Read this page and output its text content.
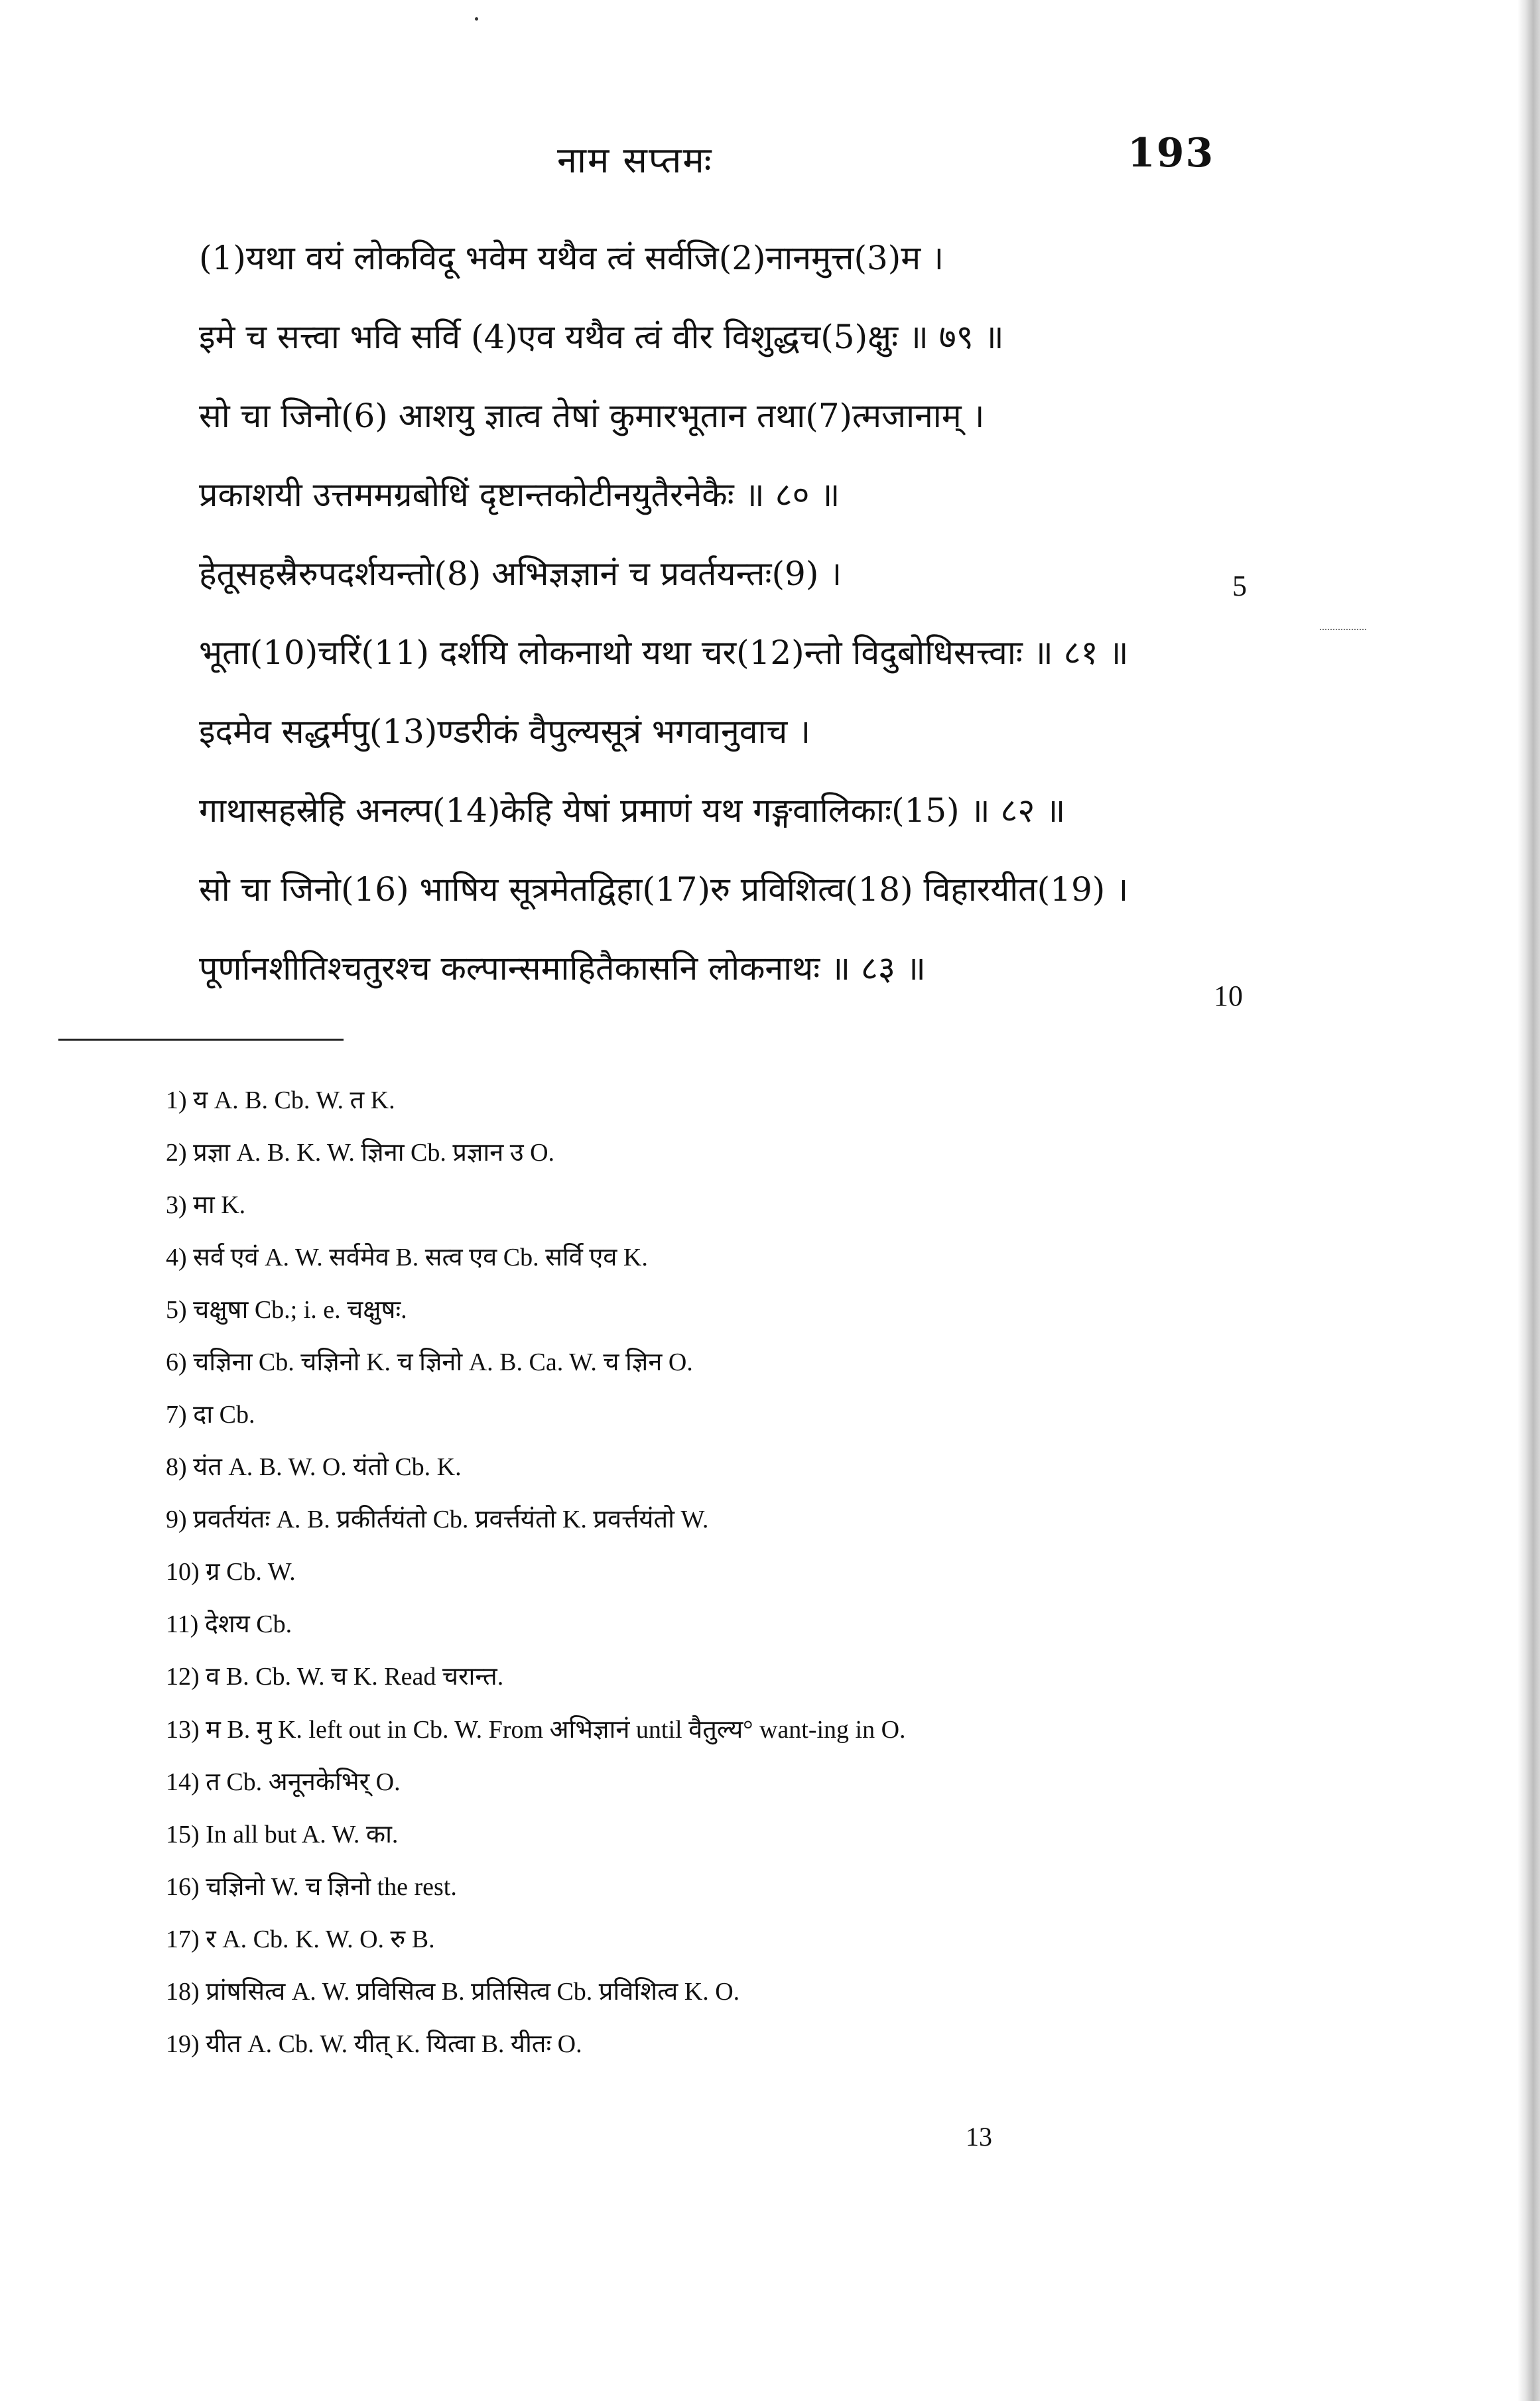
नाम सप्तमः	193
(1)यथा वयं लोकविदू भवेम यथैव त्वं सर्वजि(2)नानमुत्त(3)म ।
इमे च सत्त्वा भवि सर्वि (4)एव यथैव त्वं वीर विशुद्धच(5)क्षुः ॥ ७९ ॥
सो चा जिनो(6) आशयु ज्ञात्व तेषां कुमारभूतान तथा(7)त्मजानाम् ।
प्रकाशयी उत्तममग्रबोधिं दृष्टान्तकोटीनयुतैरनेकैः ॥ ८० ॥
हेतूसहस्रैरुपदर्शयन्तो(8) अभिज्ञज्ञानं च प्रवर्तयन्तः(9) ।
भूता(10)चरिं(11) दर्शयि लोकनाथो यथा चर(12)न्तो विदुबोधिसत्त्वाः ॥ ८१ ॥
इदमेव सद्धर्मपु(13)ण्डरीकं वैपुल्यसूत्रं भगवानुवाच ।
गाथासहस्रेहि अनल्प(14)केहि येषां प्रमाणं यथ गङ्गवालिकाः(15) ॥ ८२ ॥
सो चा जिनो(16) भाषिय सूत्रमेतद्विहा(17)रु प्रविशित्व(18) विहारयीत(19) ।
पूर्णानशीतिश्चतुरश्च कल्पान्समाहितैकासनि लोकनाथः ॥ ८३ ॥
5
10
1) य A. B. Cb. W. त K.
2) प्रज्ञा A. B. K. W. ज्ञिना Cb. प्रज्ञान उ O.
3) मा K.
4) सर्व एवं A. W. सर्वमेव B. सत्व एव Cb. सर्वि एव K.
5) चक्षुषा Cb.; i. e. चक्षुषः.
6) चज्ञिना Cb. चज्ञिनो K. च ज्ञिनो A. B. Ca. W. च ज्ञिन O.
7) दा Cb.
8) यंत A. B. W. O. यंतो Cb. K.
9) प्रवर्तयंतः A. B. प्रकीर्तयंतो Cb. प्रवर्त्तयंतो K. प्रवर्त्तयंतो W.
10) ग्र Cb. W.
11) देशय Cb.
12) व B. Cb. W. च K. Read चरान्त.
13) म B. मु K. left out in Cb. W. From अभिज्ञानं until वैतुल्य° want-ing in O.
14) त Cb. अनूनकेभिर् O.
15) In all but A. W. का.
16) चज्ञिनो W. च ज्ञिनो the rest.
17) र A. Cb. K. W. O. रु B.
18) प्रांषसित्व A. W. प्रविसित्व B. प्रतिसित्व Cb. प्रविशित्व K. O.
19) यीत A. Cb. W. यीत् K. यित्वा B. यीतः O.
13
